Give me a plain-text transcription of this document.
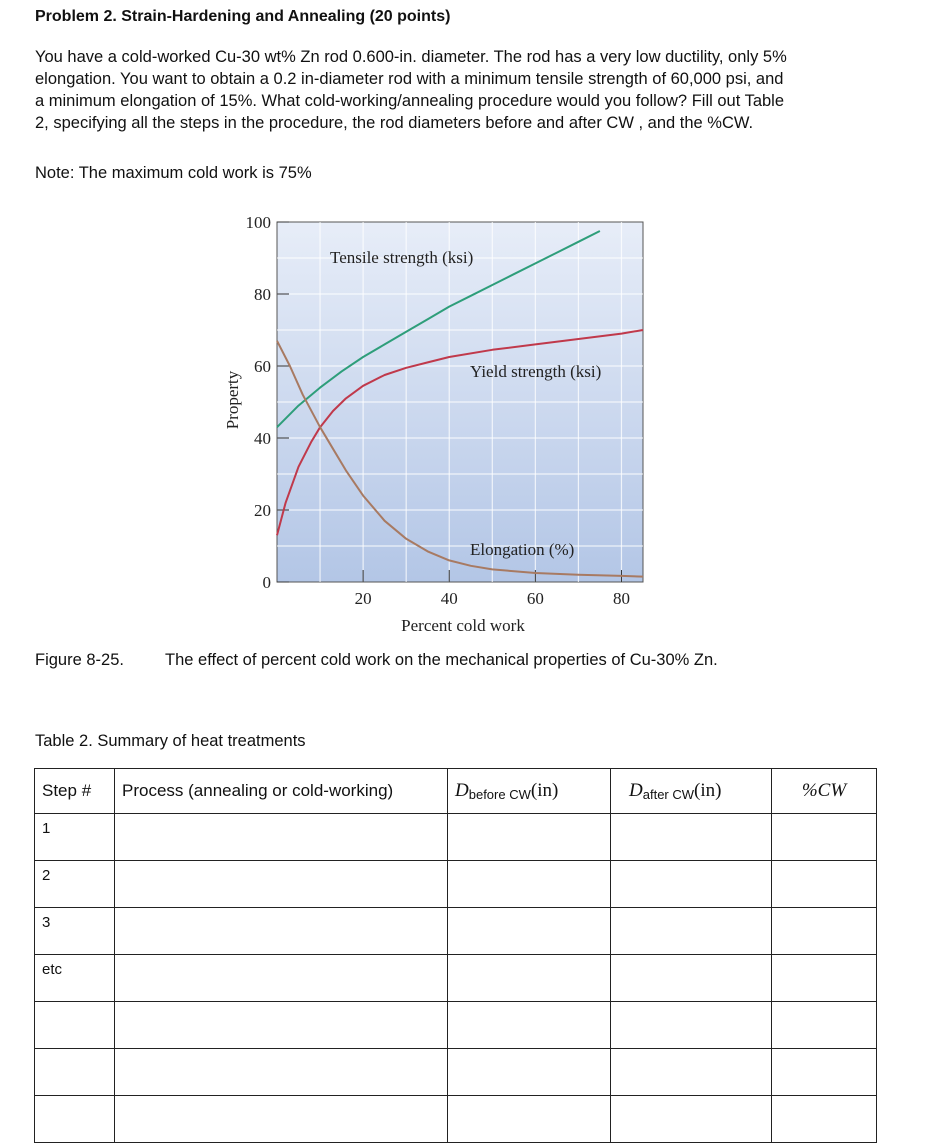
Problem 2. Strain-Hardening and Annealing (20 points)

You have a cold-worked Cu-30 wt% Zn rod 0.600-in. diameter. The rod has a very low ductility, only 5%
elongation. You want to obtain a 0.2 in-diameter rod with a minimum tensile strength of 60,000 psi, and
a minimum elongation of 15%. What cold-working/annealing procedure would you follow? Fill out Table
2, specifying all the steps in the procedure, the rod diameters before and after CW , and the %CW.

Note: The maximum cold work is 75%
0
20
40
60
80
100
20	40	60	80
Tensile strength (ksi)
Yield strength (ksi)
Elongation (%)
Percent cold work
Property
Figure 8-25. The effect of percent cold work on the mechanical properties of Cu-30% Zn.
Table 2. Summary of heat treatments
Step #	Process (annealing or cold-working)	$D_{before CW}(in)$	$D_{after CW}(in)$	%CW
1				
2				
3				
etc				
